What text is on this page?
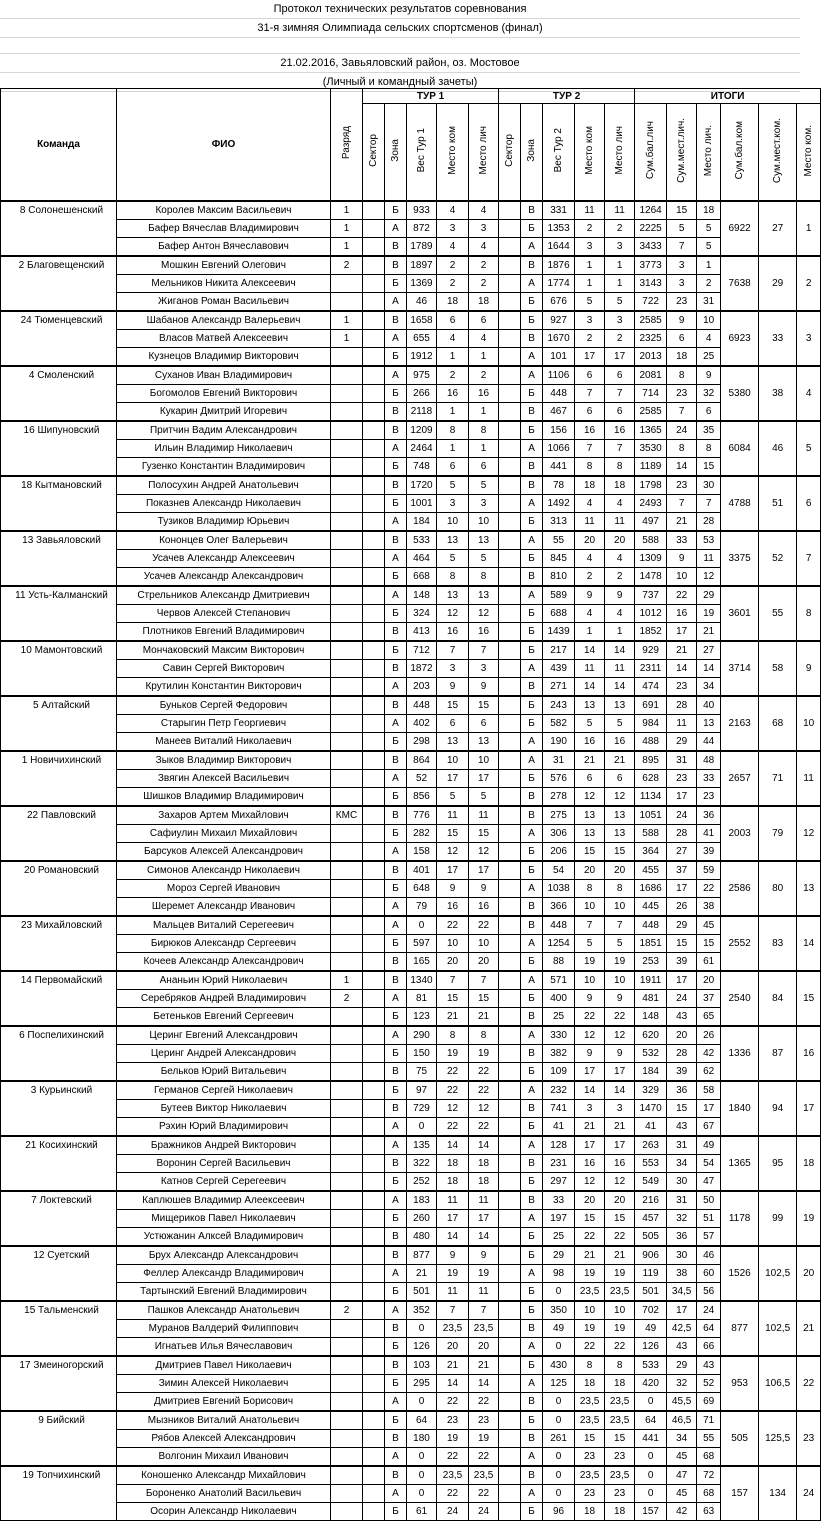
Протокол технических результатов соревнования
31-я зимняя Олимпиада сельских спортсменов (финал)
21.02.2016, Завьяловский район, оз. Мостовое
(Личный и командный зачеты)
Команда	ФИО	Разряд	ТУР 1					ТУР 2					ИТОГИ					
			Сектор	Зона	Вес Тур 1	Место ком	Место лич	Сектор	Зона	Вес Тур 2	Место ком	Место лич	Сум.бал.лич	Сум.мест.лич.	Место лич.	Сум.бал.ком	Сум.мест.ком.	Место ком.
8 Солонешенский	Королев Максим Васильевич	1		Б	933	4	4		В	331	11	11	1264	15	18	6922	27	1
	Бафер Вячеслав Владимирович	1		А	872	3	3		Б	1353	2	2	2225	5	5			
	Бафер Антон Вячеславович	1		В	1789	4	4		А	1644	3	3	3433	7	5			
2 Благовещенский	Мошкин Евгений Олегович	2		В	1897	2	2		В	1876	1	1	3773	3	1	7638	29	2
	Мельников Никита Алексеевич			Б	1369	2	2		А	1774	1	1	3143	3	2			
	Жиганов Роман Васильевич			А	46	18	18		Б	676	5	5	722	23	31			
24 Тюменцевский	Шабанов Александр Валерьевич	1		В	1658	6	6		Б	927	3	3	2585	9	10	6923	33	3
	Власов Матвей Алексеевич	1		А	655	4	4		В	1670	2	2	2325	6	4			
	Кузнецов Владимир Викторович			Б	1912	1	1		А	101	17	17	2013	18	25			
4 Смоленский	Суханов Иван Владимирович			А	975	2	2		А	1106	6	6	2081	8	9	5380	38	4
	Богомолов Евгений Викторович			Б	266	16	16		Б	448	7	7	714	23	32			
	Кукарин Дмитрий Игоревич			В	2118	1	1		В	467	6	6	2585	7	6			
16 Шипуновский	Притчин Вадим Александрович			В	1209	8	8		Б	156	16	16	1365	24	35	6084	46	5
	Ильин Владимир Николаевич			А	2464	1	1		А	1066	7	7	3530	8	8			
	Гузенко Константин Владимирович			Б	748	6	6		В	441	8	8	1189	14	15			
18 Кытмановский	Полосухин Андрей Анатольевич			В	1720	5	5		В	78	18	18	1798	23	30	4788	51	6
	Показнев Александр Николаевич			Б	1001	3	3		А	1492	4	4	2493	7	7			
	Тузиков Владимир Юрьевич			А	184	10	10		Б	313	11	11	497	21	28			
13 Завьяловский	Кононцев Олег Валерьевич			В	533	13	13		А	55	20	20	588	33	53	3375	52	7
	Усачев Александр Алексеевич			А	464	5	5		Б	845	4	4	1309	9	11			
	Усачев Александр Александрович			Б	668	8	8		В	810	2	2	1478	10	12			
11 Усть-Калманский	Стрельников Александр Дмитриевич			А	148	13	13		А	589	9	9	737	22	29	3601	55	8
	Червов Алексей Степанович			Б	324	12	12		Б	688	4	4	1012	16	19			
	Плотников Евгений Владимирович			В	413	16	16		Б	1439	1	1	1852	17	21			
10 Мамонтовский	Мончаковский Максим Викторович			Б	712	7	7		Б	217	14	14	929	21	27	3714	58	9
	Савин Сергей Викторович			В	1872	3	3		А	439	11	11	2311	14	14			
	Крутилин Константин Викторович			А	203	9	9		В	271	14	14	474	23	34			
5 Алтайский	Буньков Сергей Федорович			В	448	15	15		Б	243	13	13	691	28	40	2163	68	10
	Старыгин Петр Георгиевич			А	402	6	6		Б	582	5	5	984	11	13			
	Манеев Виталий Николаевич			Б	298	13	13		А	190	16	16	488	29	44			
1 Новичихинский	Зыков Владимир Викторович			В	864	10	10		А	31	21	21	895	31	48	2657	71	11
	Звягин Алексей Васильевич			А	52	17	17		Б	576	6	6	628	23	33			
	Шишков Владимир Владимирович			Б	856	5	5		В	278	12	12	1134	17	23			
22 Павловский	Захаров Артем Михайлович	КМС		В	776	11	11		В	275	13	13	1051	24	36	2003	79	12
	Сафиулин Михаил Михайлович			Б	282	15	15		А	306	13	13	588	28	41			
	Барсуков Алексей Александрович			А	158	12	12		Б	206	15	15	364	27	39			
20 Романовский	Симонов Александр Николаевич			В	401	17	17		Б	54	20	20	455	37	59	2586	80	13
	Мороз Сергей Иванович			Б	648	9	9		А	1038	8	8	1686	17	22			
	Шеремет Александр Иванович			А	79	16	16		В	366	10	10	445	26	38			
23 Михайловский	Мальцев Виталий Серегеевич			А	0	22	22		В	448	7	7	448	29	45	2552	83	14
	Бирюков Александр Сергеевич			Б	597	10	10		А	1254	5	5	1851	15	15			
	Кочеев Александр Александрович			В	165	20	20		Б	88	19	19	253	39	61			
14 Первомайский	Ананьин Юрий Николаевич	1		В	1340	7	7		А	571	10	10	1911	17	20	2540	84	15
	Серебряков Андрей Владимирович	2		А	81	15	15		Б	400	9	9	481	24	37			
	Бетеньков Евгений Сергеевич			Б	123	21	21		В	25	22	22	148	43	65			
6 Поспелихинский	Церинг Евгений Александрович			А	290	8	8		А	330	12	12	620	20	26	1336	87	16
	Церинг Андрей Александрович			Б	150	19	19		В	382	9	9	532	28	42			
	Бельков Юрий Витальевич			В	75	22	22		Б	109	17	17	184	39	62			
3 Курьинский	Германов Сергей Николаевич			Б	97	22	22		А	232	14	14	329	36	58	1840	94	17
	Бутеев Виктор Николаевич			В	729	12	12		В	741	3	3	1470	15	17			
	Рэхин Юрий Владимирович			А	0	22	22		Б	41	21	21	41	43	67			
21 Косихинский	Бражников Андрей Викторович			А	135	14	14		А	128	17	17	263	31	49	1365	95	18
	Воронин Сергей Васильевич			В	322	18	18		В	231	16	16	553	34	54			
	Катнов Сергей Серегеевич			Б	252	18	18		Б	297	12	12	549	30	47			
7 Локтевский	Каплюшев Владимир Алеексеевич			А	183	11	11		В	33	20	20	216	31	50	1178	99	19
	Мищериков Павел Николаевич			Б	260	17	17		А	197	15	15	457	32	51			
	Устюжанин Алксей Владимирович			В	480	14	14		Б	25	22	22	505	36	57			
12 Суетский	Брух Александр Александрович			В	877	9	9		Б	29	21	21	906	30	46	1526	102,5	20
	Феллер Александр Владимирович			А	21	19	19		А	98	19	19	119	38	60			
	Тартынский Евгений Владимирович			Б	501	11	11		Б	0	23,5	23,5	501	34,5	56			
15 Тальменский	Пашков Александр Анатольевич	2		А	352	7	7		Б	350	10	10	702	17	24	877	102,5	21
	Муранов Валдерий Филиппович			В	0	23,5	23,5		В	49	19	19	49	42,5	64			
	Игнатьев Илья Вячеславович			Б	126	20	20		А	0	22	22	126	43	66			
17 Змеиногорский	Дмитриев Павел Николаевич			В	103	21	21		Б	430	8	8	533	29	43	953	106,5	22
	Зимин Алексей Николаевич			Б	295	14	14		А	125	18	18	420	32	52			
	Дмитриев Евгений Борисович			А	0	22	22		В	0	23,5	23,5	0	45,5	69			
9 Бийский	Мызников Виталий Анатольевич			Б	64	23	23		Б	0	23,5	23,5	64	46,5	71	505	125,5	23
	Рябов Алексей Александрович			В	180	19	19		В	261	15	15	441	34	55			
	Волгонин Михаил Иванович			А	0	22	22		А	0	23	23	0	45	68			
19 Топчихинский	Коношенко Александр Михайлович			В	0	23,5	23,5		В	0	23,5	23,5	0	47	72	157	134	24
	Бороненко Анатолий Васильевич			А	0	22	22		А	0	23	23	0	45	68			
	Осорин Александр Николаевич			Б	61	24	24		Б	96	18	18	157	42	63			
